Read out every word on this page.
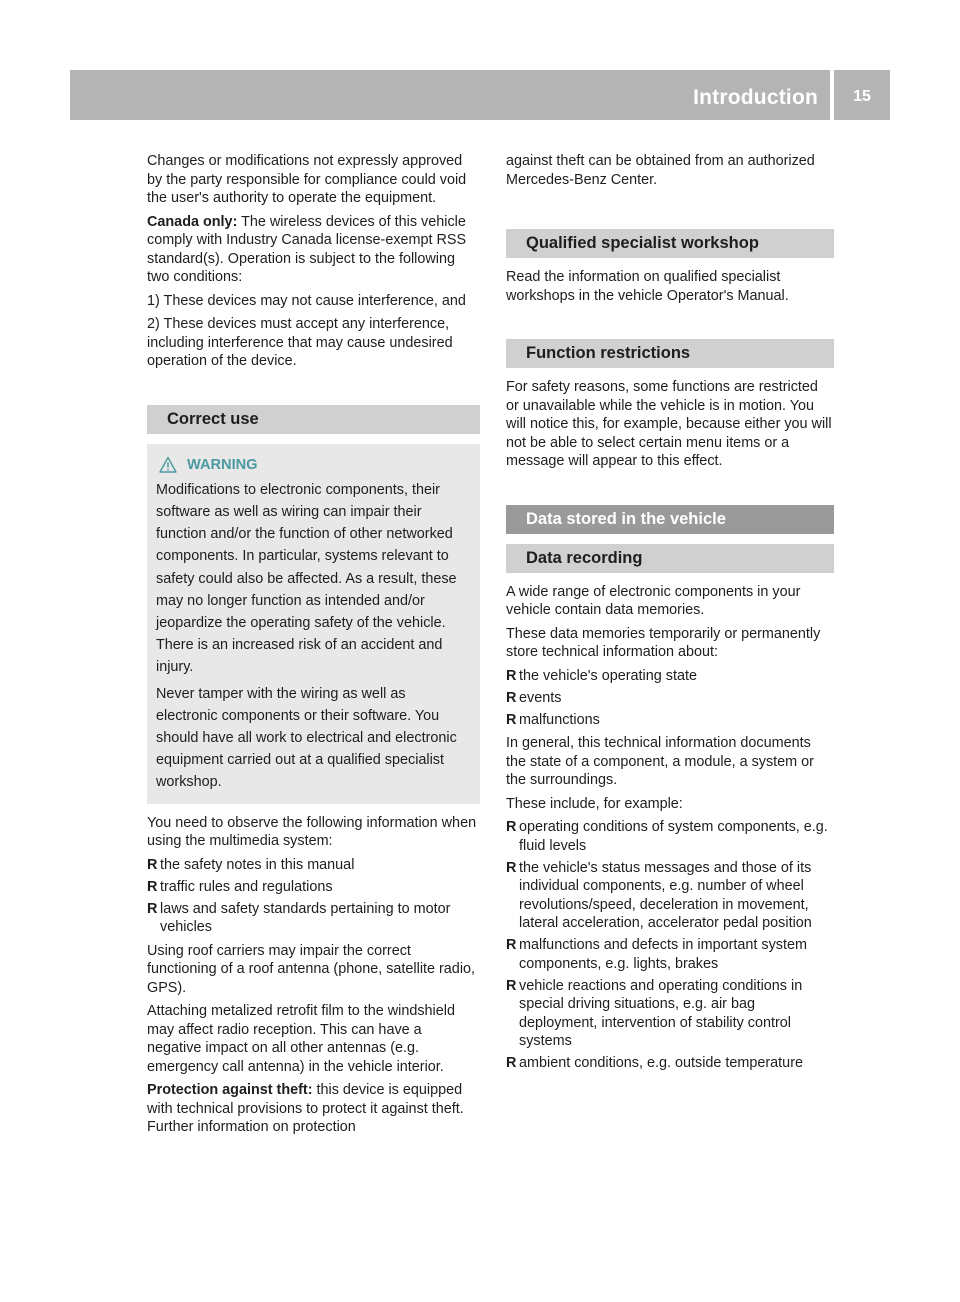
Introduction	15

Changes or modifications not expressly approved by the party responsible for compliance could void the user's authority to operate the equipment.

Canada only: The wireless devices of this vehicle comply with Industry Canada license-exempt RSS standard(s). Operation is subject to the following two conditions:

1) These devices may not cause interference, and

2) These devices must accept any interference, including interference that may cause undesired operation of the device.

Correct use
WARNING

Modifications to electronic components, their software as well as wiring can impair their function and/or the function of other networked components. In particular, systems relevant to safety could also be affected. As a result, these may no longer function as intended and/or jeopardize the operating safety of the vehicle. There is an increased risk of an accident and injury.

Never tamper with the wiring as well as electronic components or their software. You should have all work to electrical and electronic equipment carried out at a qualified specialist workshop.

You need to observe the following information when using the multimedia system:

R the safety notes in this manual
R traffic rules and regulations
R laws and safety standards pertaining to motor vehicles

Using roof carriers may impair the correct functioning of a roof antenna (phone, satellite radio, GPS).

Attaching metalized retrofit film to the windshield may affect radio reception. This can have a negative impact on all other antennas (e.g. emergency call antenna) in the vehicle interior.

Protection against theft: this device is equipped with technical provisions to protect it against theft. Further information on protection

against theft can be obtained from an authorized Mercedes-Benz Center.

Qualified specialist workshop

Read the information on qualified specialist workshops in the vehicle Operator's Manual.

Function restrictions

For safety reasons, some functions are restricted or unavailable while the vehicle is in motion. You will notice this, for example, because either you will not be able to select certain menu items or a message will appear to this effect.

Data stored in the vehicle
Data recording

A wide range of electronic components in your vehicle contain data memories.

These data memories temporarily or permanently store technical information about:

R the vehicle's operating state
R events
R malfunctions

In general, this technical information documents the state of a component, a module, a system or the surroundings.

These include, for example:

R operating conditions of system components, e.g. fluid levels
R the vehicle's status messages and those of its individual components, e.g. number of wheel revolutions/speed, deceleration in movement, lateral acceleration, accelerator pedal position
R malfunctions and defects in important system components, e.g. lights, brakes
R vehicle reactions and operating conditions in special driving situations, e.g. air bag deployment, intervention of stability control systems
R ambient conditions, e.g. outside temperature
